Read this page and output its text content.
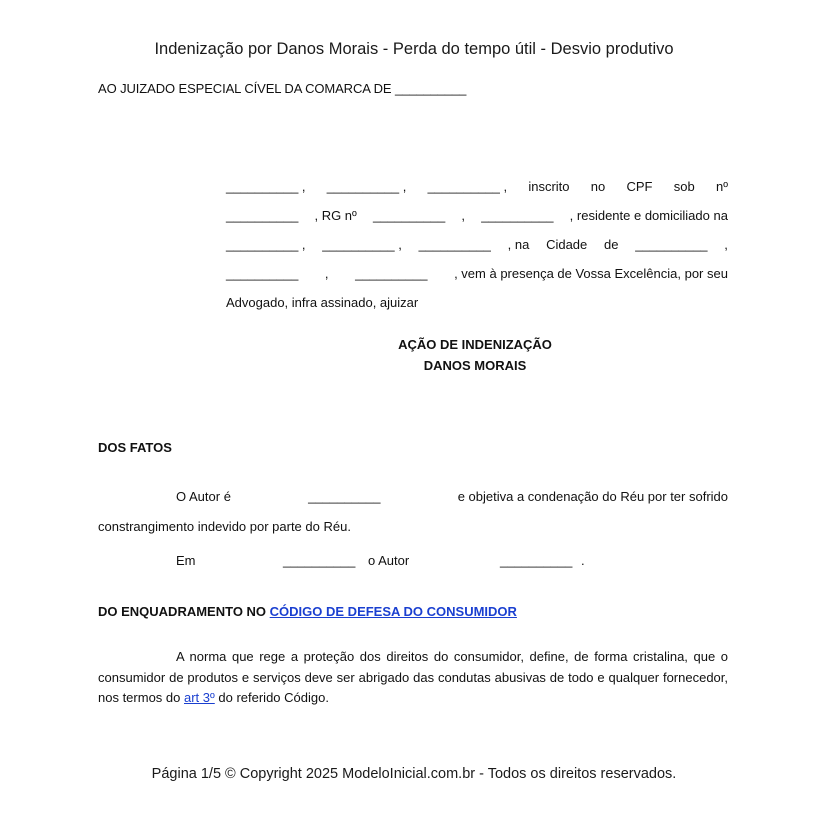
Indenização por Danos Morais - Perda do tempo útil - Desvio produtivo
AO JUIZADO ESPECIAL CÍVEL DA COMARCA DE __________
__________ , __________ , __________ , inscrito no CPF sob nº
__________ , RG nº __________ , __________ , residente e domiciliado na
__________ , __________ , __________ , na Cidade de __________ ,
__________ , __________ , vem à presença de Vossa Excelência, por seu
Advogado, infra assinado, ajuizar
AÇÃO DE INDENIZAÇÃO
DANOS MORAIS
DOS FATOS
O Autor é	__________	e objetiva a condenação do Réu por ter sofrido
constrangimento indevido por parte do Réu.
Em	__________ o Autor	__________ .
DO ENQUADRAMENTO NO CÓDIGO DE DEFESA DO CONSUMIDOR
A norma que rege a proteção dos direitos do consumidor, define, de forma cristalina, que o consumidor de produtos e serviços deve ser abrigado das condutas abusivas de todo e qualquer fornecedor, nos termos do art 3º do referido Código.
Página 1/5 © Copyright 2025 ModeloInicial.com.br - Todos os direitos reservados.
